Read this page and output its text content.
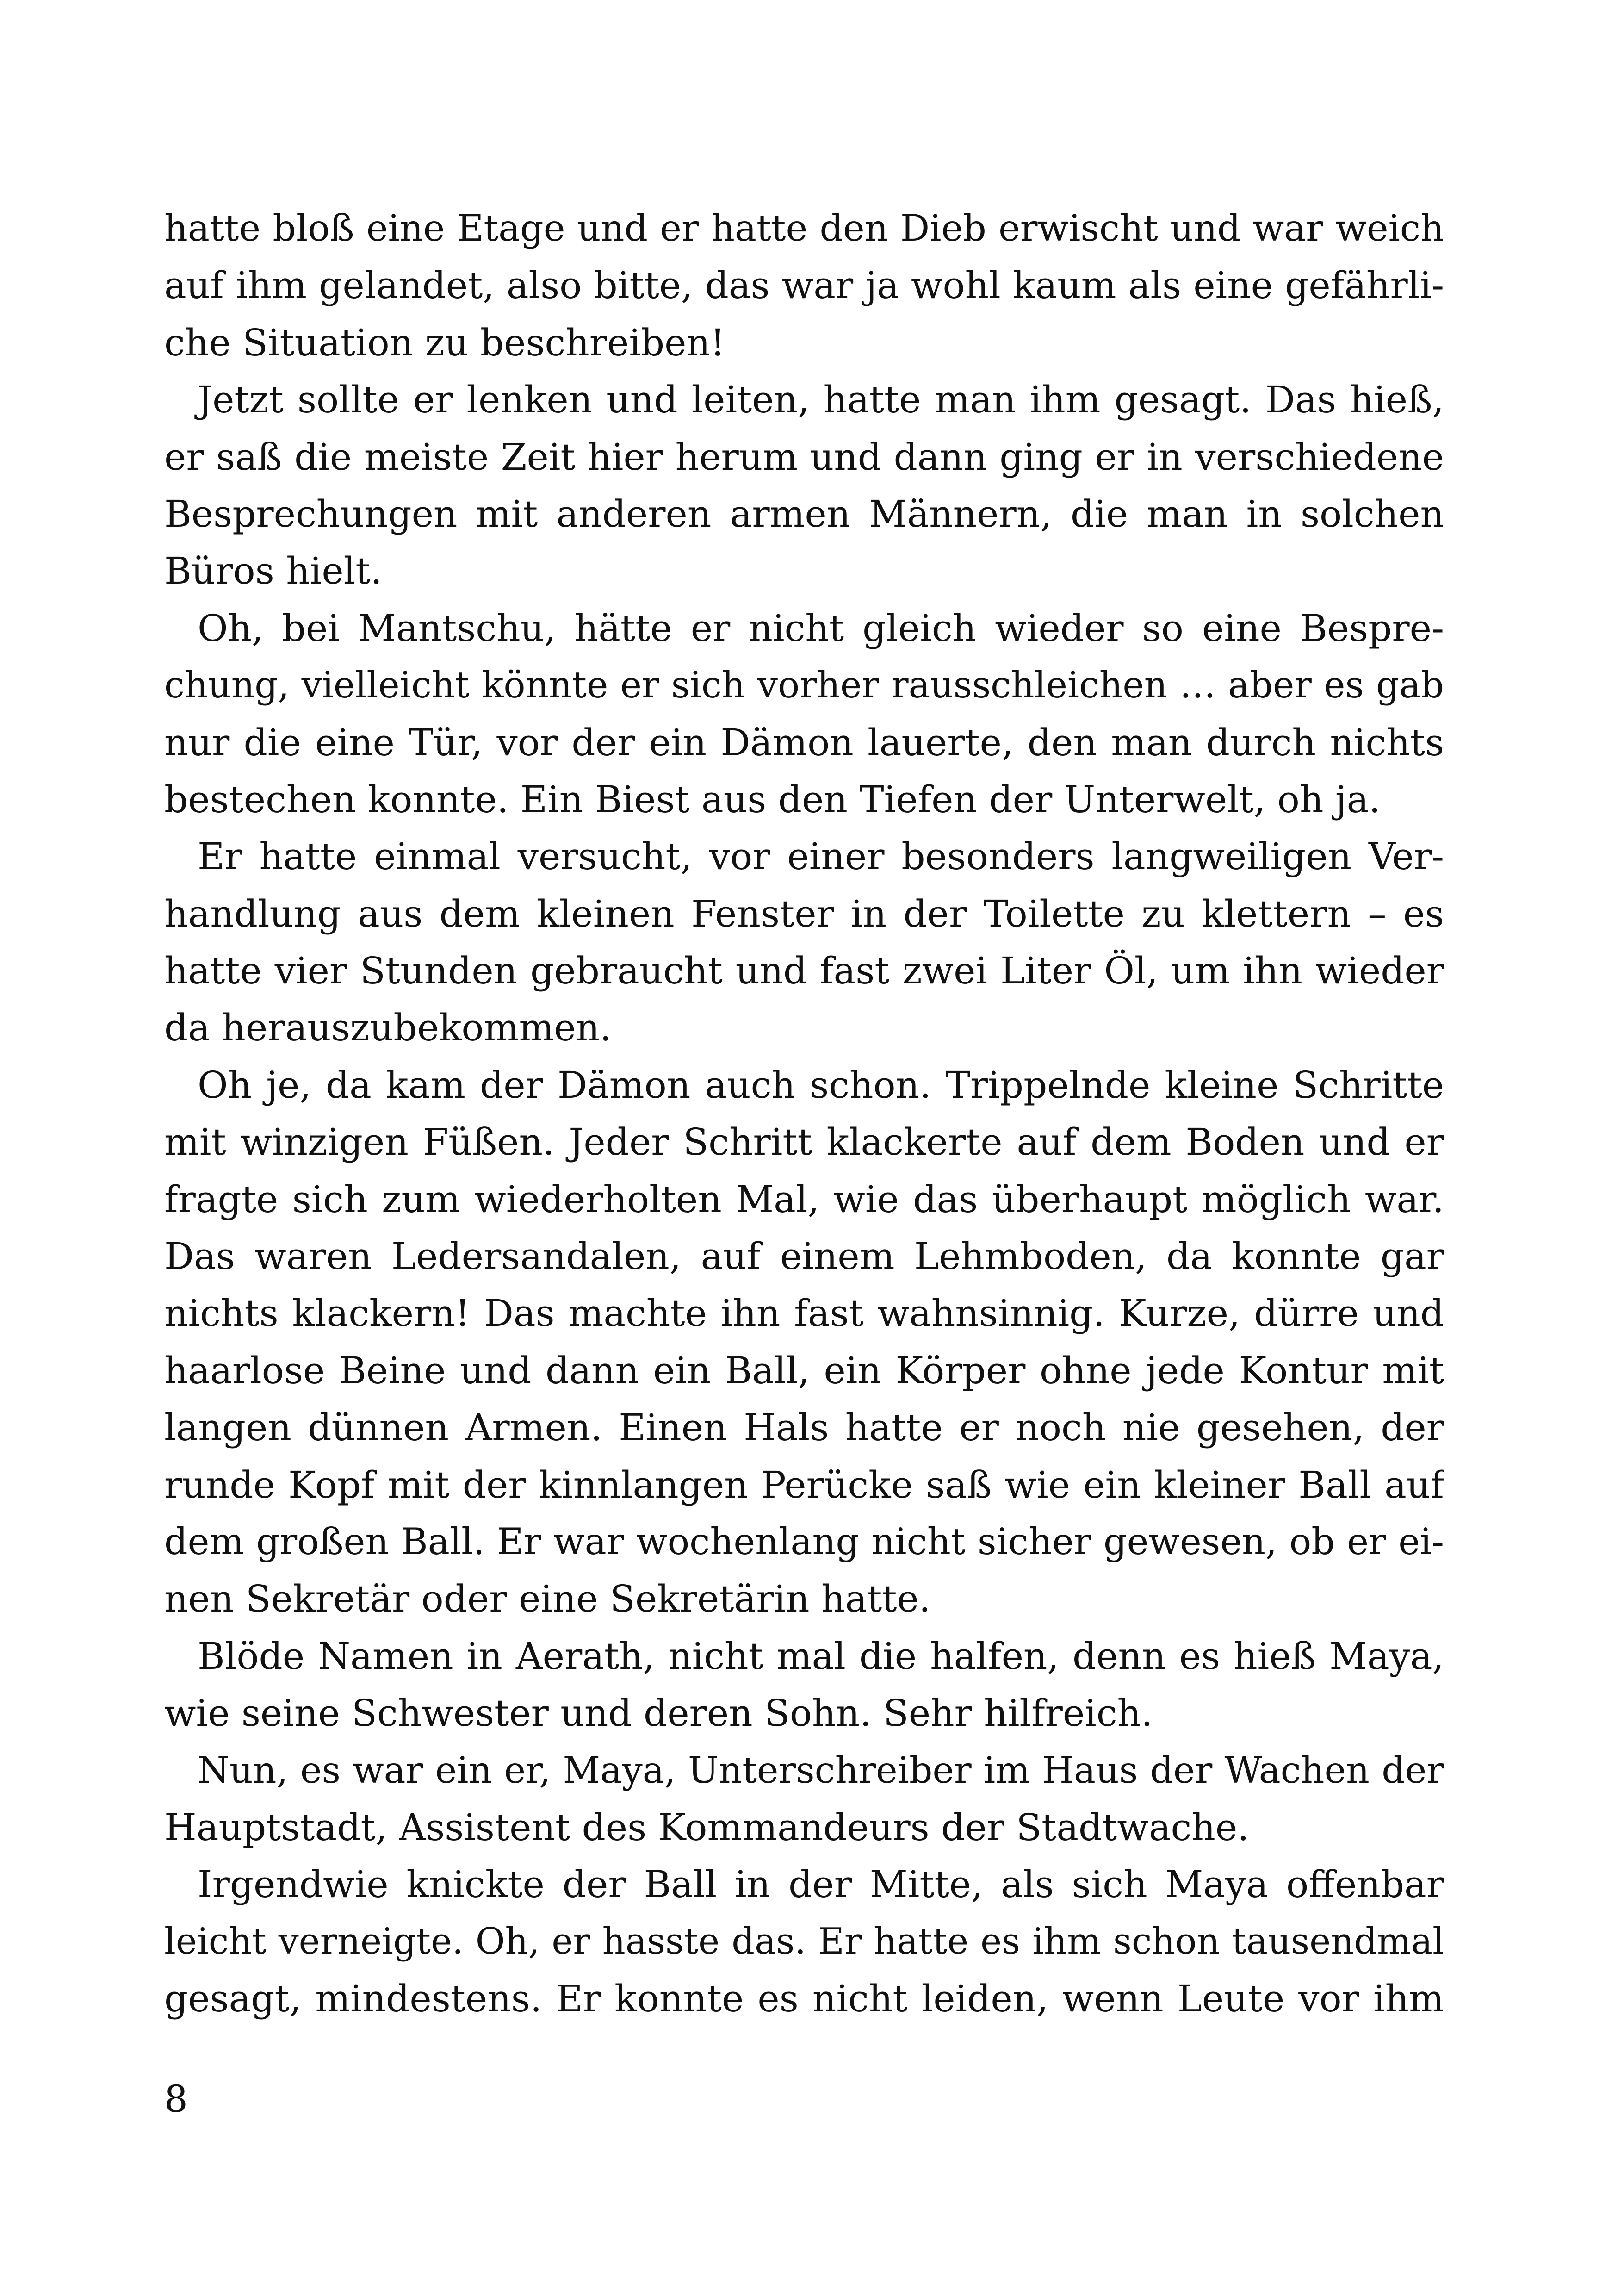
hatte bloß eine Etage und er hatte den Dieb erwischt und war weich
auf ihm gelandet, also bitte, das war ja wohl kaum als eine gefährli-
che Situation zu beschreiben!
Jetzt sollte er lenken und leiten, hatte man ihm gesagt. Das hieß,
er saß die meiste Zeit hier herum und dann ging er in verschiedene
Besprechungen mit anderen armen Männern, die man in solchen
Büros hielt.
Oh, bei Mantschu, hätte er nicht gleich wieder so eine Bespre-
chung, vielleicht könnte er sich vorher rausschleichen … aber es gab
nur die eine Tür, vor der ein Dämon lauerte, den man durch nichts
bestechen konnte. Ein Biest aus den Tiefen der Unterwelt, oh ja.
Er hatte einmal versucht, vor einer besonders langweiligen Ver-
handlung aus dem kleinen Fenster in der Toilette zu klettern – es
hatte vier Stunden gebraucht und fast zwei Liter Öl, um ihn wieder
da herauszubekommen.
Oh je, da kam der Dämon auch schon. Trippelnde kleine Schritte
mit winzigen Füßen. Jeder Schritt klackerte auf dem Boden und er
fragte sich zum wiederholten Mal, wie das überhaupt möglich war.
Das waren Ledersandalen, auf einem Lehmboden, da konnte gar
nichts klackern! Das machte ihn fast wahnsinnig. Kurze, dürre und
haarlose Beine und dann ein Ball, ein Körper ohne jede Kontur mit
langen dünnen Armen. Einen Hals hatte er noch nie gesehen, der
runde Kopf mit der kinnlangen Perücke saß wie ein kleiner Ball auf
dem großen Ball. Er war wochenlang nicht sicher gewesen, ob er ei-
nen Sekretär oder eine Sekretärin hatte.
Blöde Namen in Aerath, nicht mal die halfen, denn es hieß Maya,
wie seine Schwester und deren Sohn. Sehr hilfreich.
Nun, es war ein er, Maya, Unterschreiber im Haus der Wachen der
Hauptstadt, Assistent des Kommandeurs der Stadtwache.
Irgendwie knickte der Ball in der Mitte, als sich Maya offenbar
leicht verneigte. Oh, er hasste das. Er hatte es ihm schon tausendmal
gesagt, mindestens. Er konnte es nicht leiden, wenn Leute vor ihm
8
